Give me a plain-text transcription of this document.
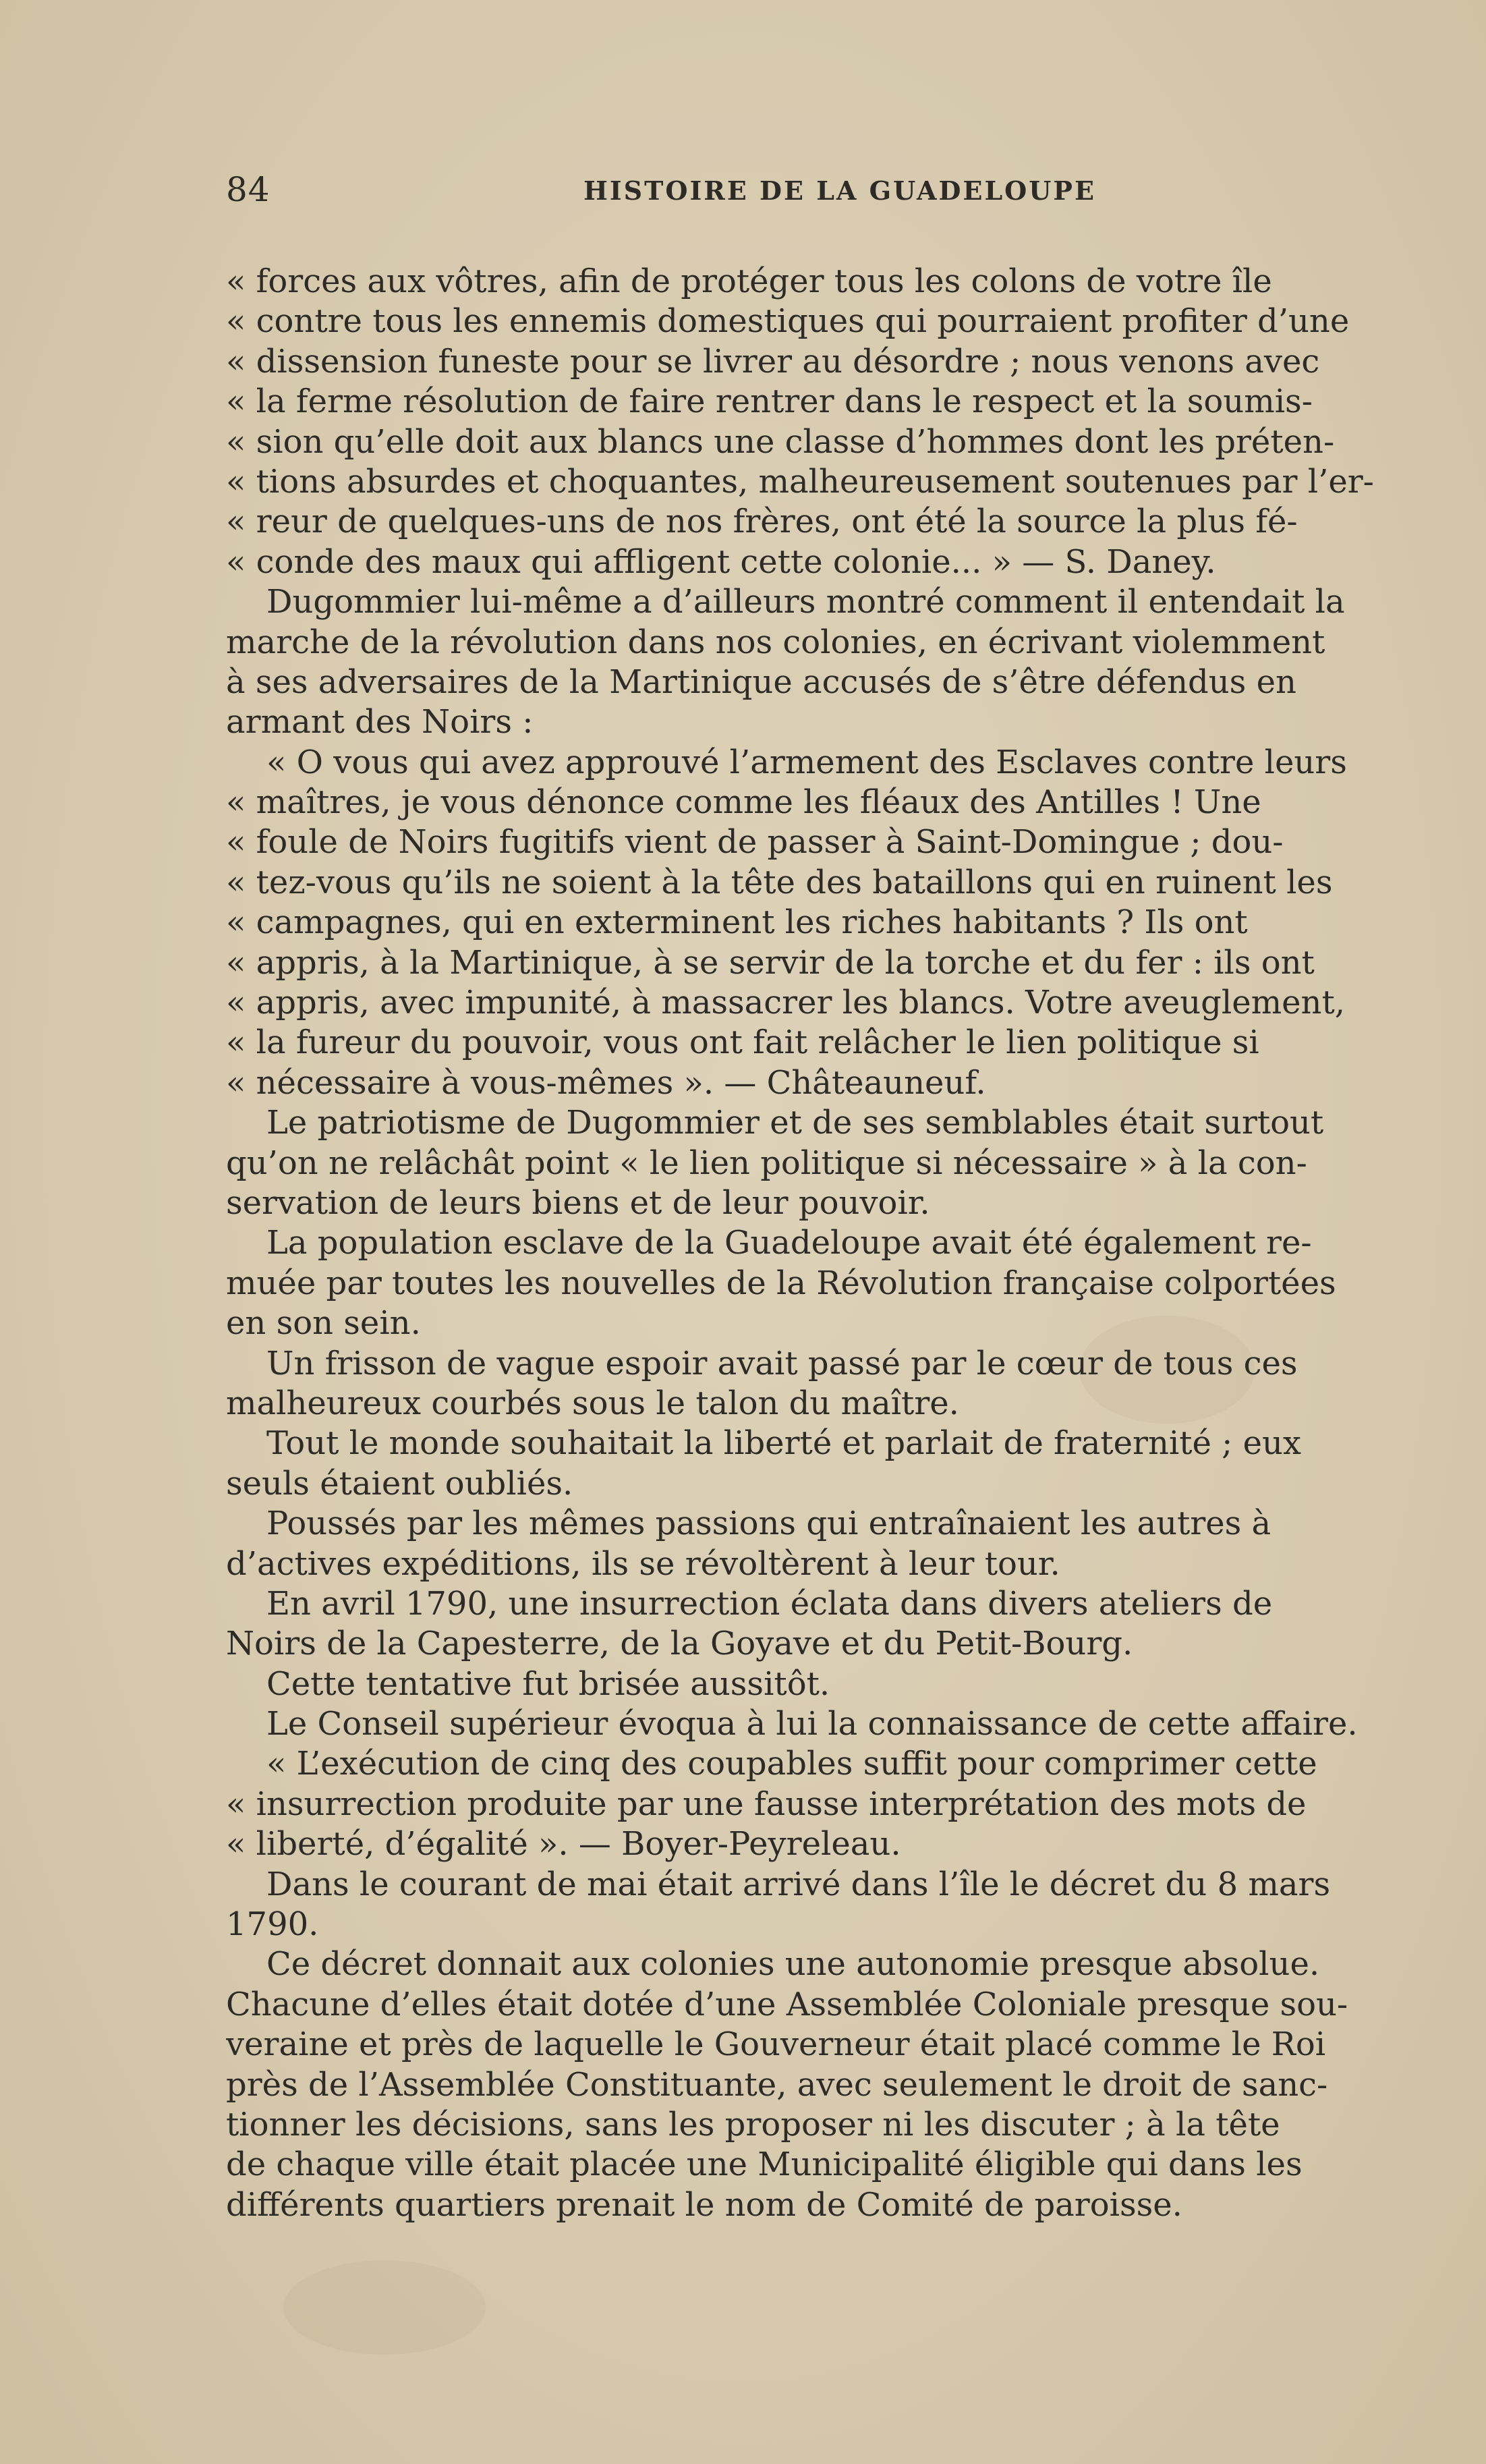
84	HISTOIRE DE LA GUADELOUPE
« forces aux vôtres, afin de protéger tous les colons de votre île
« contre tous les ennemis domestiques qui pourraient profiter d’une
« dissension funeste pour se livrer au désordre ; nous venons avec
« la ferme résolution de faire rentrer dans le respect et la soumis-
« sion qu’elle doit aux blancs une classe d’hommes dont les préten-
« tions absurdes et choquantes, malheureusement soutenues par l’er-
« reur de quelques-uns de nos frères, ont été la source la plus fé-
« conde des maux qui affligent cette colonie... » — S. Daney.
Dugommier lui-même a d’ailleurs montré comment il entendait la
marche de la révolution dans nos colonies, en écrivant violemment
à ses adversaires de la Martinique accusés de s’être défendus en
armant des Noirs :
« O vous qui avez approuvé l’armement des Esclaves contre leurs
« maîtres, je vous dénonce comme les fléaux des Antilles ! Une
« foule de Noirs fugitifs vient de passer à Saint-Domingue ; dou-
« tez-vous qu’ils ne soient à la tête des bataillons qui en ruinent les
« campagnes, qui en exterminent les riches habitants ? Ils ont
« appris, à la Martinique, à se servir de la torche et du fer : ils ont
« appris, avec impunité, à massacrer les blancs. Votre aveuglement,
« la fureur du pouvoir, vous ont fait relâcher le lien politique si
« nécessaire à vous-mêmes ». — Châteauneuf.
Le patriotisme de Dugommier et de ses semblables était surtout
qu’on ne relâchât point « le lien politique si nécessaire » à la con-
servation de leurs biens et de leur pouvoir.
La population esclave de la Guadeloupe avait été également re-
muée par toutes les nouvelles de la Révolution française colportées
en son sein.
Un frisson de vague espoir avait passé par le cœur de tous ces
malheureux courbés sous le talon du maître.
Tout le monde souhaitait la liberté et parlait de fraternité ; eux
seuls étaient oubliés.
Poussés par les mêmes passions qui entraînaient les autres à
d’actives expéditions, ils se révoltèrent à leur tour.
En avril 1790, une insurrection éclata dans divers ateliers de
Noirs de la Capesterre, de la Goyave et du Petit-Bourg.
Cette tentative fut brisée aussitôt.
Le Conseil supérieur évoqua à lui la connaissance de cette affaire.
« L’exécution de cinq des coupables suffit pour comprimer cette
« insurrection produite par une fausse interprétation des mots de
« liberté, d’égalité ». — Boyer-Peyreleau.
Dans le courant de mai était arrivé dans l’île le décret du 8 mars
1790.
Ce décret donnait aux colonies une autonomie presque absolue.
Chacune d’elles était dotée d’une Assemblée Coloniale presque sou-
veraine et près de laquelle le Gouverneur était placé comme le Roi
près de l’Assemblée Constituante, avec seulement le droit de sanc-
tionner les décisions, sans les proposer ni les discuter ; à la tête
de chaque ville était placée une Municipalité éligible qui dans les
différents quartiers prenait le nom de Comité de paroisse.
